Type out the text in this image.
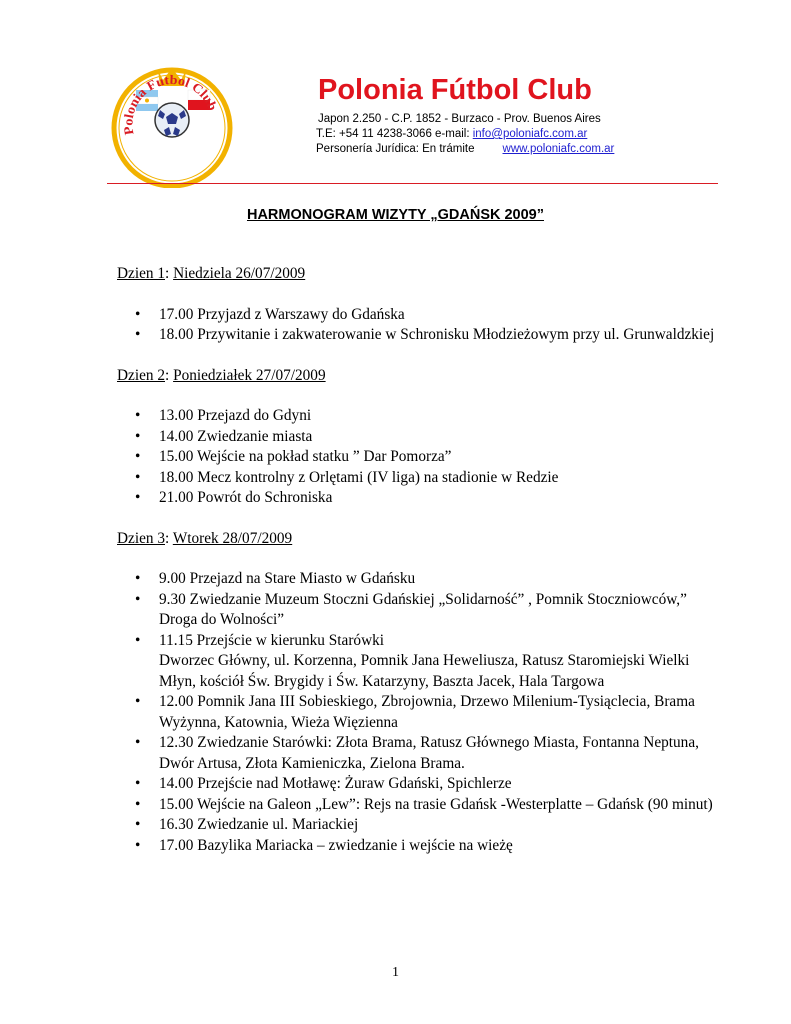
Polonia Futbol Club	Polonia Fútbol Club
Japon 2.250 - C.P. 1852 - Burzaco - Prov. Buenos Aires
T.E: +54 11 4238-3066 e-mail: info@poloniafc.com.ar
Personería Jurídica: En trámite www.poloniafc.com.ar
HARMONOGRAM WIZYTY „GDAŃSK 2009”

Dzien 1: Niedziela 26/07/2009

• 17.00 Przyjazd z Warszawy do Gdańska
• 18.00 Przywitanie i zakwaterowanie w Schronisku Młodzieżowym przy ul. Grunwaldzkiej

Dzien 2: Poniedziałek 27/07/2009

• 13.00 Przejazd do Gdyni
• 14.00 Zwiedzanie miasta
• 15.00 Wejście na pokład statku ” Dar Pomorza”
• 18.00 Mecz kontrolny z Orlętami (IV liga) na stadionie w Redzie
• 21.00 Powrót do Schroniska

Dzien 3: Wtorek 28/07/2009

• 9.00 Przejazd na Stare Miasto w Gdańsku
• 9.30 Zwiedzanie Muzeum Stoczni Gdańskiej „Solidarność” , Pomnik Stoczniowców,” Droga do Wolności”
• 11.15 Przejście w kierunku Starówki
Dworzec Główny, ul. Korzenna, Pomnik Jana Heweliusza, Ratusz Staromiejski Wielki Młyn, kościół Św. Brygidy i Św. Katarzyny, Baszta Jacek, Hala Targowa
• 12.00 Pomnik Jana III Sobieskiego, Zbrojownia, Drzewo Milenium-Tysiąclecia, Brama Wyżynna, Katownia, Wieża Więzienna
• 12.30 Zwiedzanie Starówki: Złota Brama, Ratusz Głównego Miasta, Fontanna Neptuna, Dwór Artusa, Złota Kamieniczka, Zielona Brama.
• 14.00 Przejście nad Motławę: Żuraw Gdański, Spichlerze
• 15.00 Wejście na Galeon „Lew”: Rejs na trasie Gdańsk -Westerplatte – Gdańsk (90 minut)
• 16.30 Zwiedzanie ul. Mariackiej
• 17.00 Bazylika Mariacka – zwiedzanie i wejście na wieżę
1
